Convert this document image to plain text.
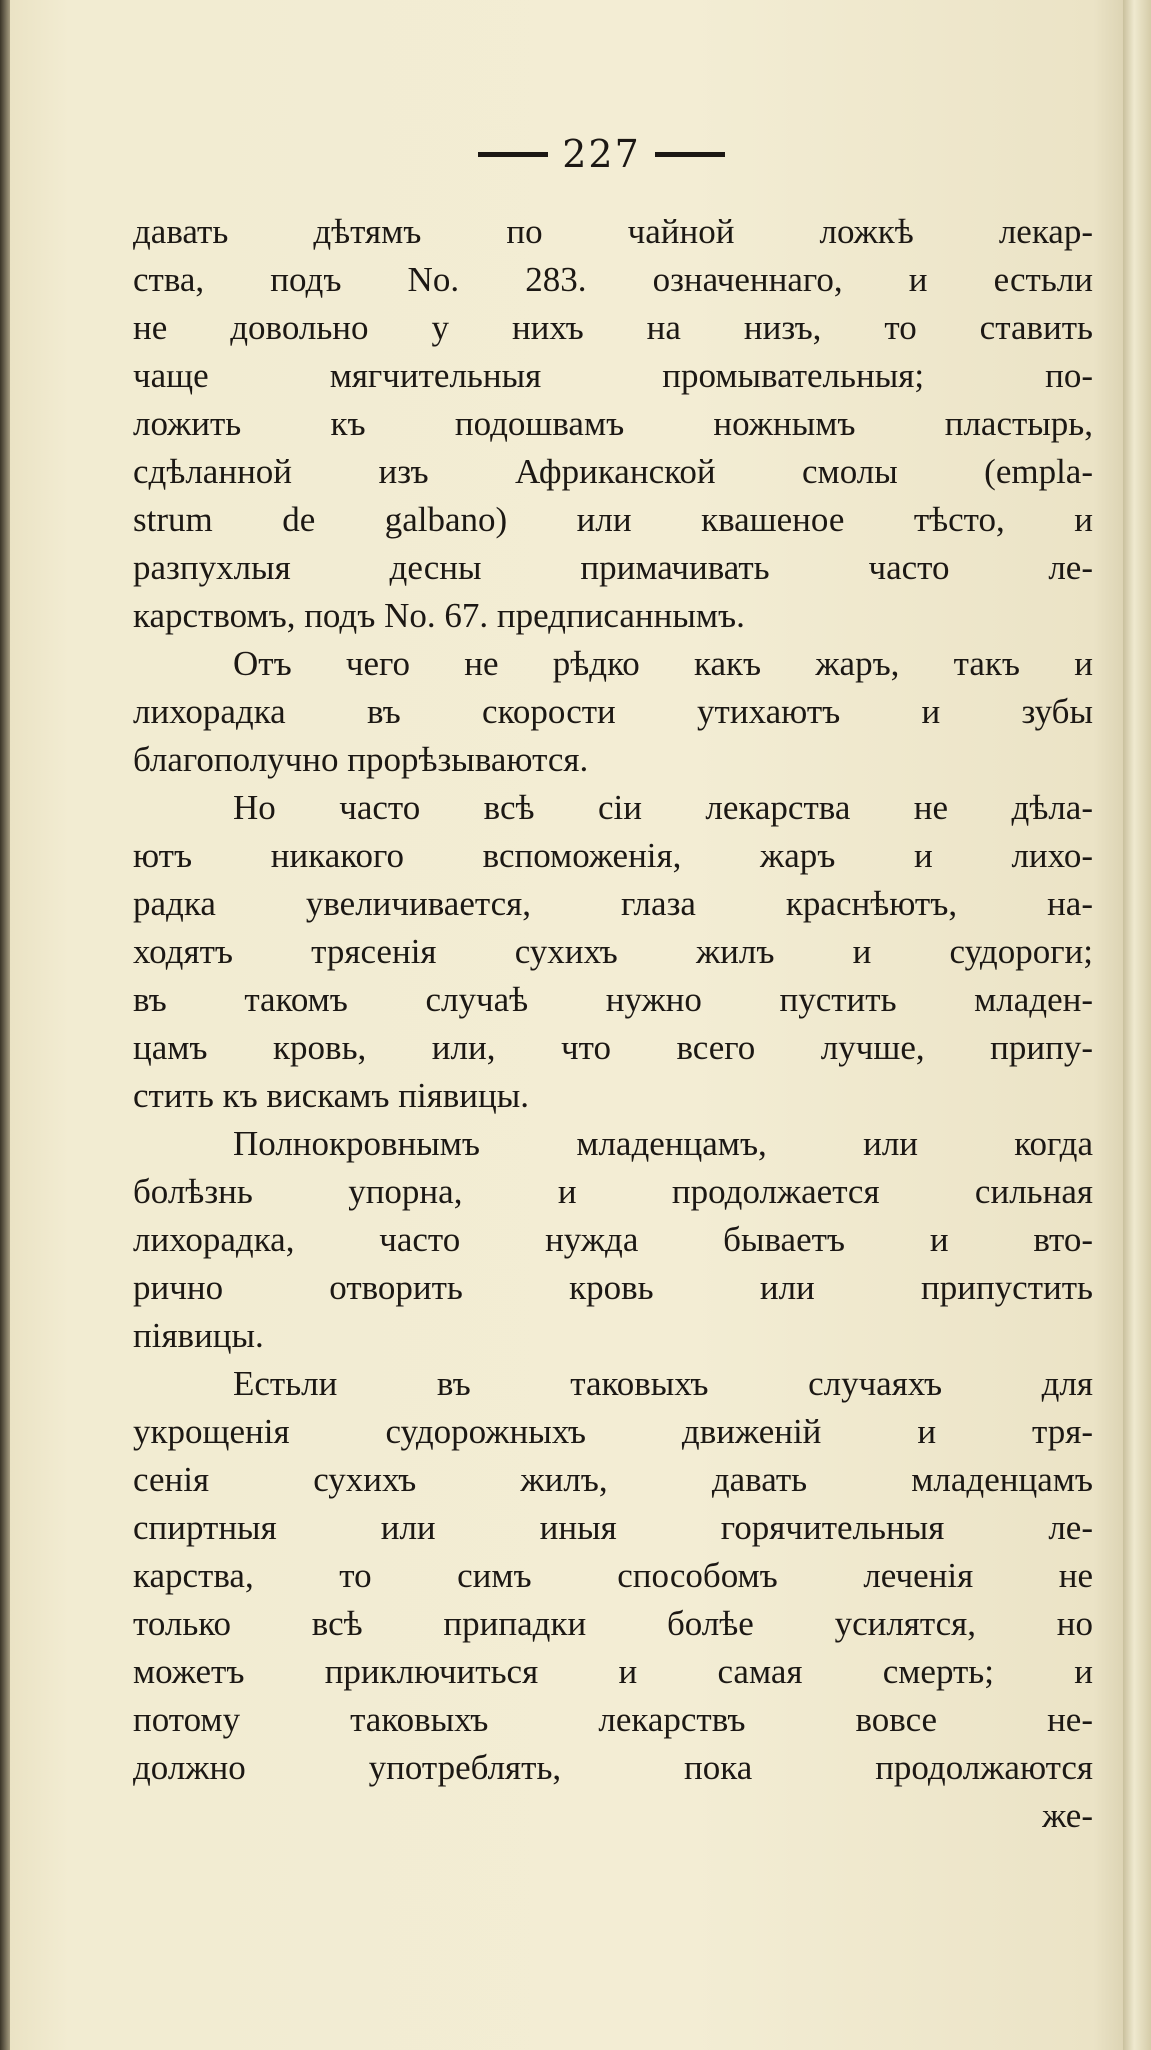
227
давать дѣтямъ по чайной ложкѣ лекар-
ства, подъ No. 283. означеннаго, и естьли
не довольно у нихъ на низъ, то ставить
чаще мягчительныя промывательныя; по-
ложить къ подошвамъ ножнымъ пластырь,
сдѣланной изъ Африканской смолы (empla-
strum de galbano) или квашеное тѣсто, и
разпухлыя десны примачивать часто ле-
карствомъ, подъ No. 67. предписаннымъ.
Отъ чего не рѣдко какъ жаръ, такъ и
лихорадка въ скорости утихаютъ и зубы
благополучно прорѣзываются.
Но часто всѣ сіи лекарства не дѣла-
ютъ никакого вспоможенія, жаръ и лихо-
радка увеличивается, глаза краснѣютъ, на-
ходятъ трясенія сухихъ жилъ и судороги;
въ такомъ случаѣ нужно пустить младен-
цамъ кровь, или, что всего лучше, припу-
стить къ вискамъ піявицы.
Полнокровнымъ младенцамъ, или когда
болѣзнь упорна, и продолжается сильная
лихорадка, часто нужда бываетъ и вто-
рично отворить кровь или припустить
піявицы.
Естьли въ таковыхъ случаяхъ для
укрощенія судорожныхъ движеній и тря-
сенія сухихъ жилъ, давать младенцамъ
спиртныя или иныя горячительныя ле-
карства, то симъ способомъ леченія не
только всѣ припадки болѣе усилятся, но
можетъ приключиться и самая смерть; и
потому таковыхъ лекарствъ вовсе не-
должно употреблять, пока продолжаются
же-
